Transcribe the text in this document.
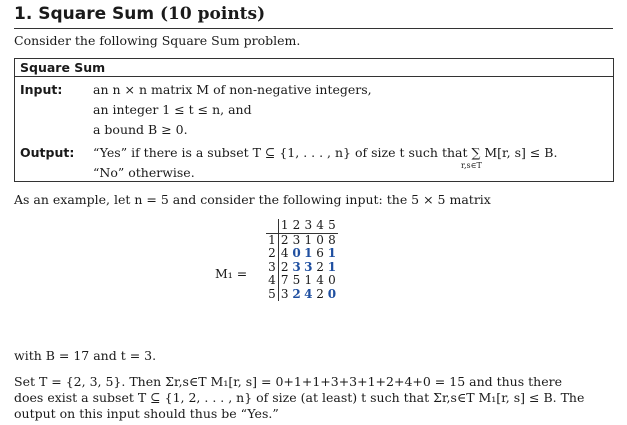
1. Square Sum (10 points)
Consider the following Square Sum problem.
Square Sum
Input: an n × n matrix M of non-negative integers,
an integer 1 ≤ t ≤ n, and
a bound B ≥ 0.
Output: “Yes” if there is a subset T ⊆ {1, . . . , n} of size t such that ∑ M[r, s] ≤ B.
r,s∈T
“No” otherwise.
As an example, let n = 5 and consider the following input: the 5 × 5 matrix
M₁ =
	1	2	3	4	5
1	2	3	1	0	8
2	4	0	1	6	1
3	2	3	3	2	1
4	7	5	1	4	0
5	3	2	4	2	0
with B = 17 and t = 3.
Set T = {2, 3, 5}. Then Σr,s∈T M₁[r, s] = 0+1+1+3+3+1+2+4+0 = 15 and thus there
does exist a subset T ⊆ {1, 2, . . . , n} of size (at least) t such that Σr,s∈T M₁[r, s] ≤ B. The
output on this input should thus be “Yes.”
